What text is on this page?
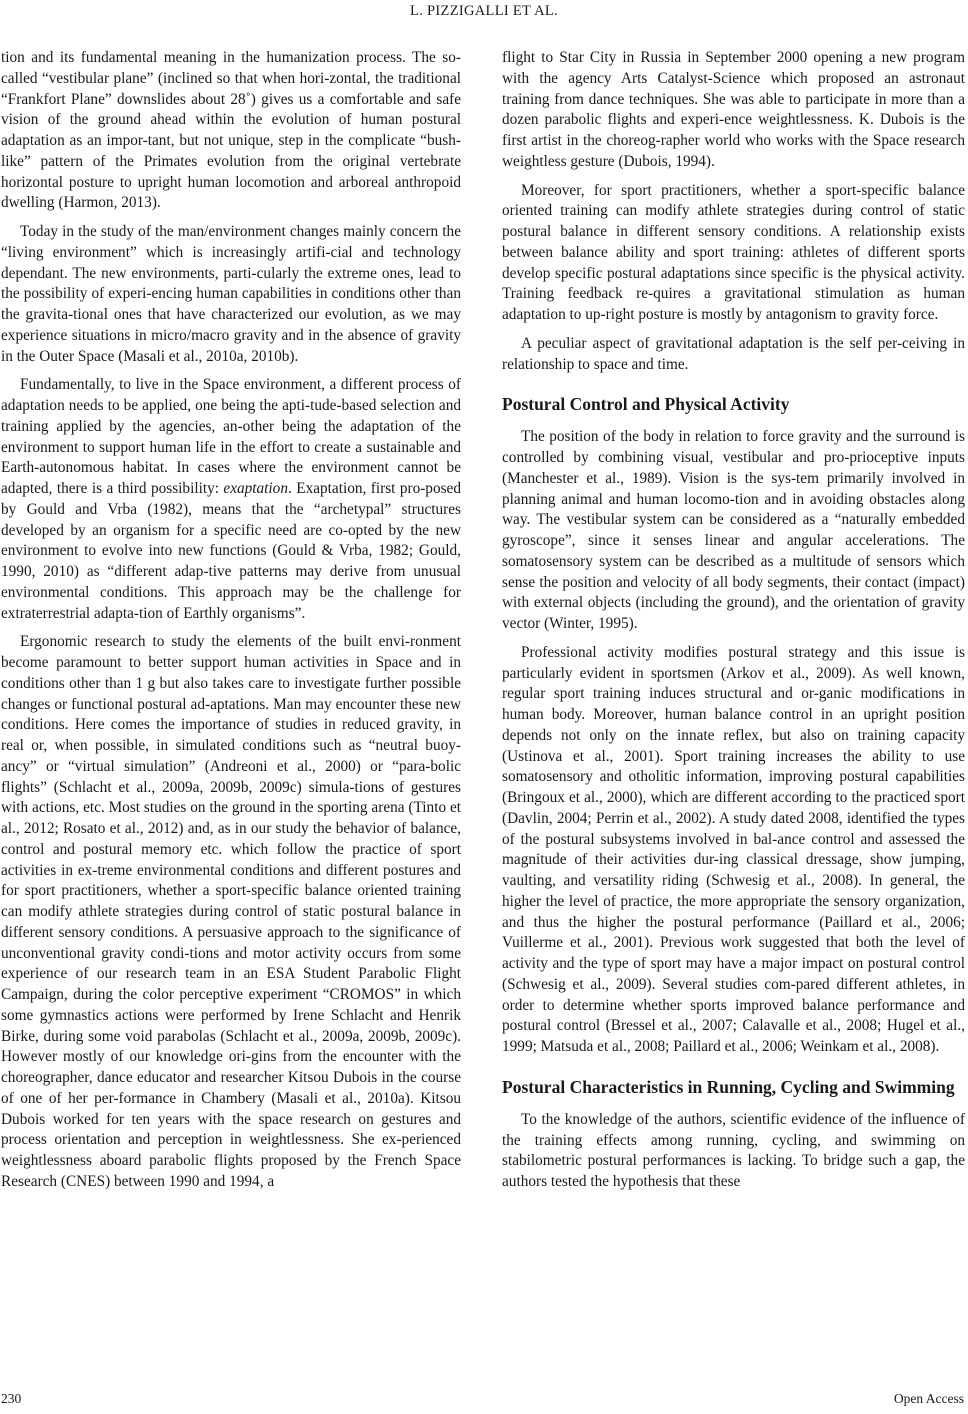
L. PIZZIGALLI ET AL.

tion and its fundamental meaning in the humanization process. The so-called “vestibular plane” (inclined so that when hori-zontal, the traditional “Frankfort Plane” downslides about 28˚) gives us a comfortable and safe vision of the ground ahead within the evolution of human postural adaptation as an impor-tant, but not unique, step in the complicate “bush-like” pattern of the Primates evolution from the original vertebrate horizontal posture to upright human locomotion and arboreal anthropoid dwelling (Harmon, 2013).

Today in the study of the man/environment changes mainly concern the “living environment” which is increasingly artifi-cial and technology dependant. The new environments, parti-cularly the extreme ones, lead to the possibility of experi-encing human capabilities in conditions other than the gravita-tional ones that have characterized our evolution, as we may experience situations in micro/macro gravity and in the absence of gravity in the Outer Space (Masali et al., 2010a, 2010b).

Fundamentally, to live in the Space environment, a different process of adaptation needs to be applied, one being the apti-tude-based selection and training applied by the agencies, an-other being the adaptation of the environment to support human life in the effort to create a sustainable and Earth-autonomous habitat. In cases where the environment cannot be adapted, there is a third possibility: exaptation. Exaptation, first pro-posed by Gould and Vrba (1982), means that the “archetypal” structures developed by an organism for a specific need are co-opted by the new environment to evolve into new functions (Gould & Vrba, 1982; Gould, 1990, 2010) as “different adap-tive patterns may derive from unusual environmental conditions. This approach may be the challenge for extraterrestrial adapta-tion of Earthly organisms”.

Ergonomic research to study the elements of the built envi-ronment become paramount to better support human activities in Space and in conditions other than 1 g but also takes care to investigate further possible changes or functional postural ad-aptations. Man may encounter these new conditions. Here comes the importance of studies in reduced gravity, in real or, when possible, in simulated conditions such as “neutral buoy-ancy” or “virtual simulation” (Andreoni et al., 2000) or “para-bolic flights” (Schlacht et al., 2009a, 2009b, 2009c) simula-tions of gestures with actions, etc. Most studies on the ground in the sporting arena (Tinto et al., 2012; Rosato et al., 2012) and, as in our study the behavior of balance, control and postural memory etc. which follow the practice of sport activities in ex-treme environmental conditions and different postures and for sport practitioners, whether a sport-specific balance oriented training can modify athlete strategies during control of static postural balance in different sensory conditions. A persuasive approach to the significance of unconventional gravity condi-tions and motor activity occurs from some experience of our research team in an ESA Student Parabolic Flight Campaign, during the color perceptive experiment “CROMOS” in which some gymnastics actions were performed by Irene Schlacht and Henrik Birke, during some void parabolas (Schlacht et al., 2009a, 2009b, 2009c). However mostly of our knowledge ori-gins from the encounter with the choreographer, dance educator and researcher Kitsou Dubois in the course of one of her per-formance in Chambery (Masali et al., 2010a). Kitsou Dubois worked for ten years with the space research on gestures and process orientation and perception in weightlessness. She ex-perienced weightlessness aboard parabolic flights proposed by the French Space Research (CNES) between 1990 and 1994, a

flight to Star City in Russia in September 2000 opening a new program with the agency Arts Catalyst-Science which proposed an astronaut training from dance techniques. She was able to participate in more than a dozen parabolic flights and experi-ence weightlessness. K. Dubois is the first artist in the choreog-rapher world who works with the Space research weightless gesture (Dubois, 1994).

Moreover, for sport practitioners, whether a sport-specific balance oriented training can modify athlete strategies during control of static postural balance in different sensory conditions. A relationship exists between balance ability and sport training: athletes of different sports develop specific postural adaptations since specific is the physical activity. Training feedback re-quires a gravitational stimulation as human adaptation to up-right posture is mostly by antagonism to gravity force.

A peculiar aspect of gravitational adaptation is the self per-ceiving in relationship to space and time.

Postural Control and Physical Activity

The position of the body in relation to force gravity and the surround is controlled by combining visual, vestibular and pro-prioceptive inputs (Manchester et al., 1989). Vision is the sys-tem primarily involved in planning animal and human locomo-tion and in avoiding obstacles along way. The vestibular system can be considered as a “naturally embedded gyroscope”, since it senses linear and angular accelerations. The somatosensory system can be described as a multitude of sensors which sense the position and velocity of all body segments, their contact (impact) with external objects (including the ground), and the orientation of gravity vector (Winter, 1995).

Professional activity modifies postural strategy and this issue is particularly evident in sportsmen (Arkov et al., 2009). As well known, regular sport training induces structural and or-ganic modifications in human body. Moreover, human balance control in an upright position depends not only on the innate reflex, but also on training capacity (Ustinova et al., 2001). Sport training increases the ability to use somatosensory and otholitic information, improving postural capabilities (Bringoux et al., 2000), which are different according to the practiced sport (Davlin, 2004; Perrin et al., 2002). A study dated 2008, identified the types of the postural subsystems involved in bal-ance control and assessed the magnitude of their activities dur-ing classical dressage, show jumping, vaulting, and versatility riding (Schwesig et al., 2008). In general, the higher the level of practice, the more appropriate the sensory organization, and thus the higher the postural performance (Paillard et al., 2006; Vuillerme et al., 2001). Previous work suggested that both the level of activity and the type of sport may have a major impact on postural control (Schwesig et al., 2009). Several studies com-pared different athletes, in order to determine whether sports improved balance performance and postural control (Bressel et al., 2007; Calavalle et al., 2008; Hugel et al., 1999; Matsuda et al., 2008; Paillard et al., 2006; Weinkam et al., 2008).

Postural Characteristics in Running, Cycling and Swimming

To the knowledge of the authors, scientific evidence of the influence of the training effects among running, cycling, and swimming on stabilometric postural performances is lacking. To bridge such a gap, the authors tested the hypothesis that these

230	Open Access
